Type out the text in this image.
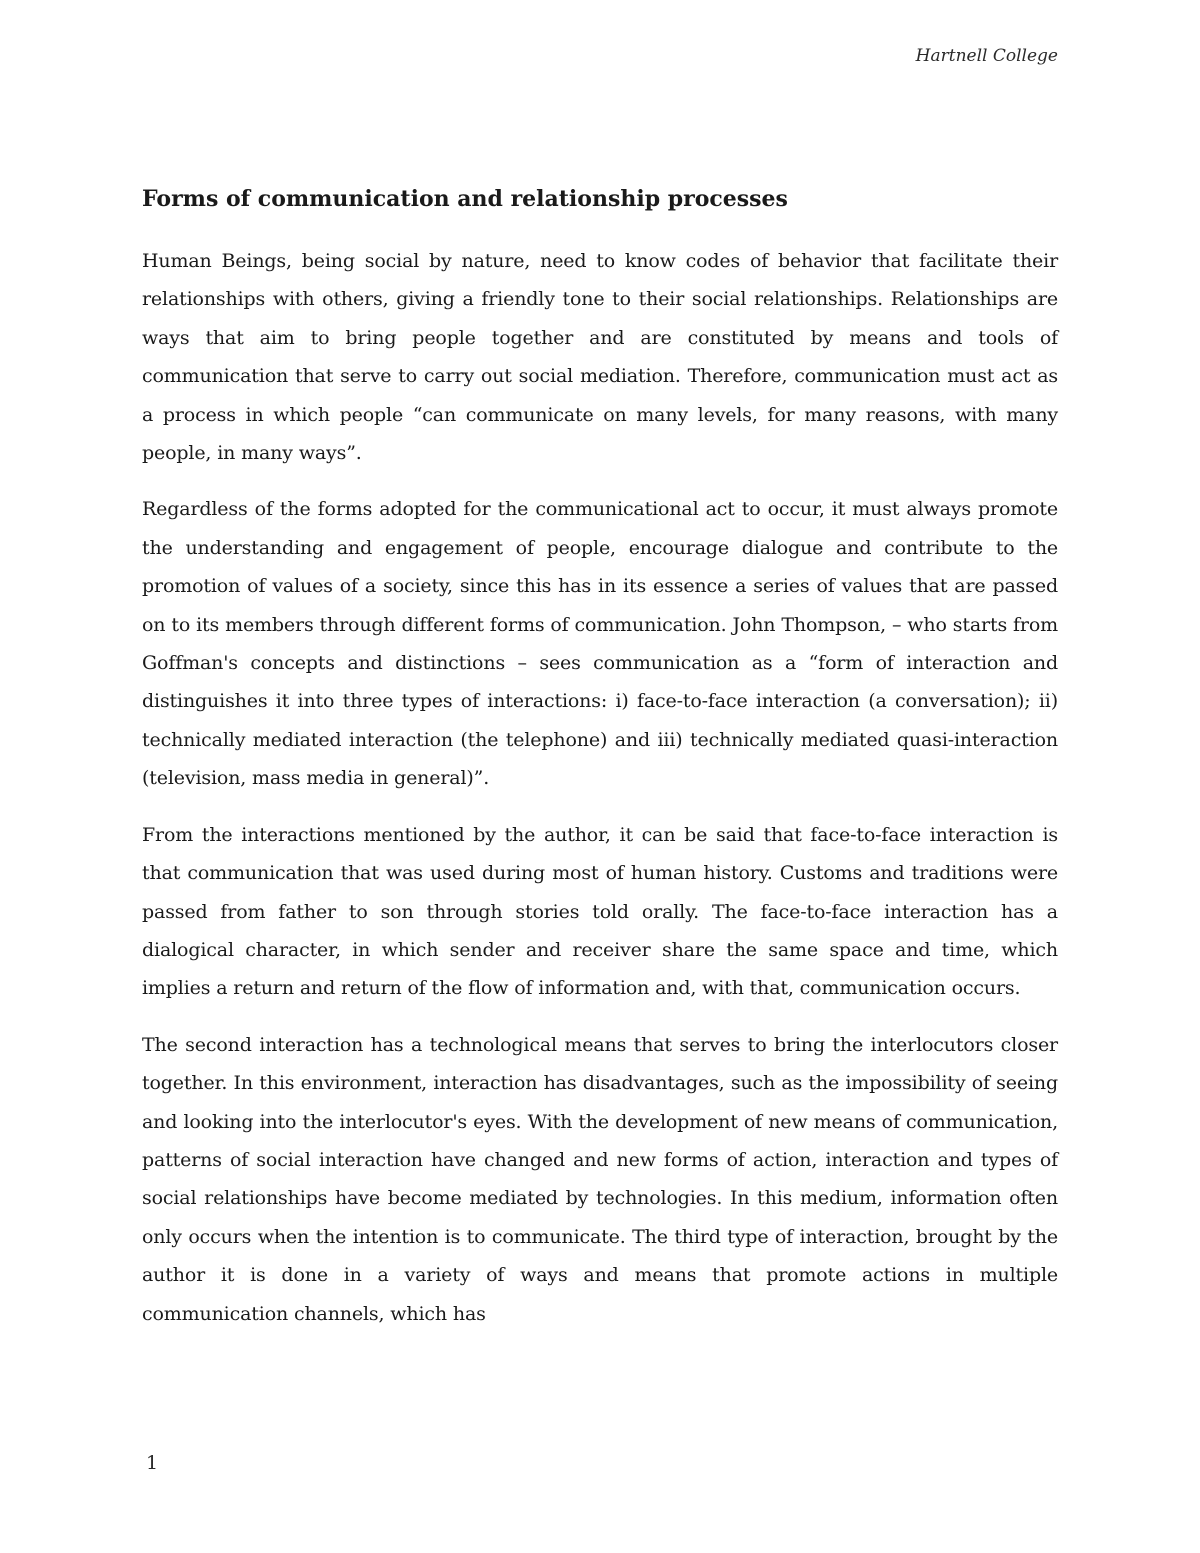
Hartnell College
Forms of communication and relationship processes

Human Beings, being social by nature, need to know codes of behavior that facilitate their relationships with others, giving a friendly tone to their social relationships. Relationships are ways that aim to bring people together and are constituted by means and tools of communication that serve to carry out social mediation. Therefore, communication must act as a process in which people “can communicate on many levels, for many reasons, with many people, in many ways”.

Regardless of the forms adopted for the communicational act to occur, it must always promote the understanding and engagement of people, encourage dialogue and contribute to the promotion of values of a society, since this has in its essence a series of values that are passed on to its members through different forms of communication. John Thompson, – who starts from Goffman's concepts and distinctions – sees communication as a “form of interaction and distinguishes it into three types of interactions: i) face-to-face interaction (a conversation); ii) technically mediated interaction (the telephone) and iii) technically mediated quasi-interaction (television, mass media in general)”.

From the interactions mentioned by the author, it can be said that face-to-face interaction is that communication that was used during most of human history. Customs and traditions were passed from father to son through stories told orally. The face-to-face interaction has a dialogical character, in which sender and receiver share the same space and time, which implies a return and return of the flow of information and, with that, communication occurs.

The second interaction has a technological means that serves to bring the interlocutors closer together. In this environment, interaction has disadvantages, such as the impossibility of seeing and looking into the interlocutor's eyes. With the development of new means of communication, patterns of social interaction have changed and new forms of action, interaction and types of social relationships have become mediated by technologies. In this medium, information often only occurs when the intention is to communicate. The third type of interaction, brought by the author it is done in a variety of ways and means that promote actions in multiple communication channels, which has

1
